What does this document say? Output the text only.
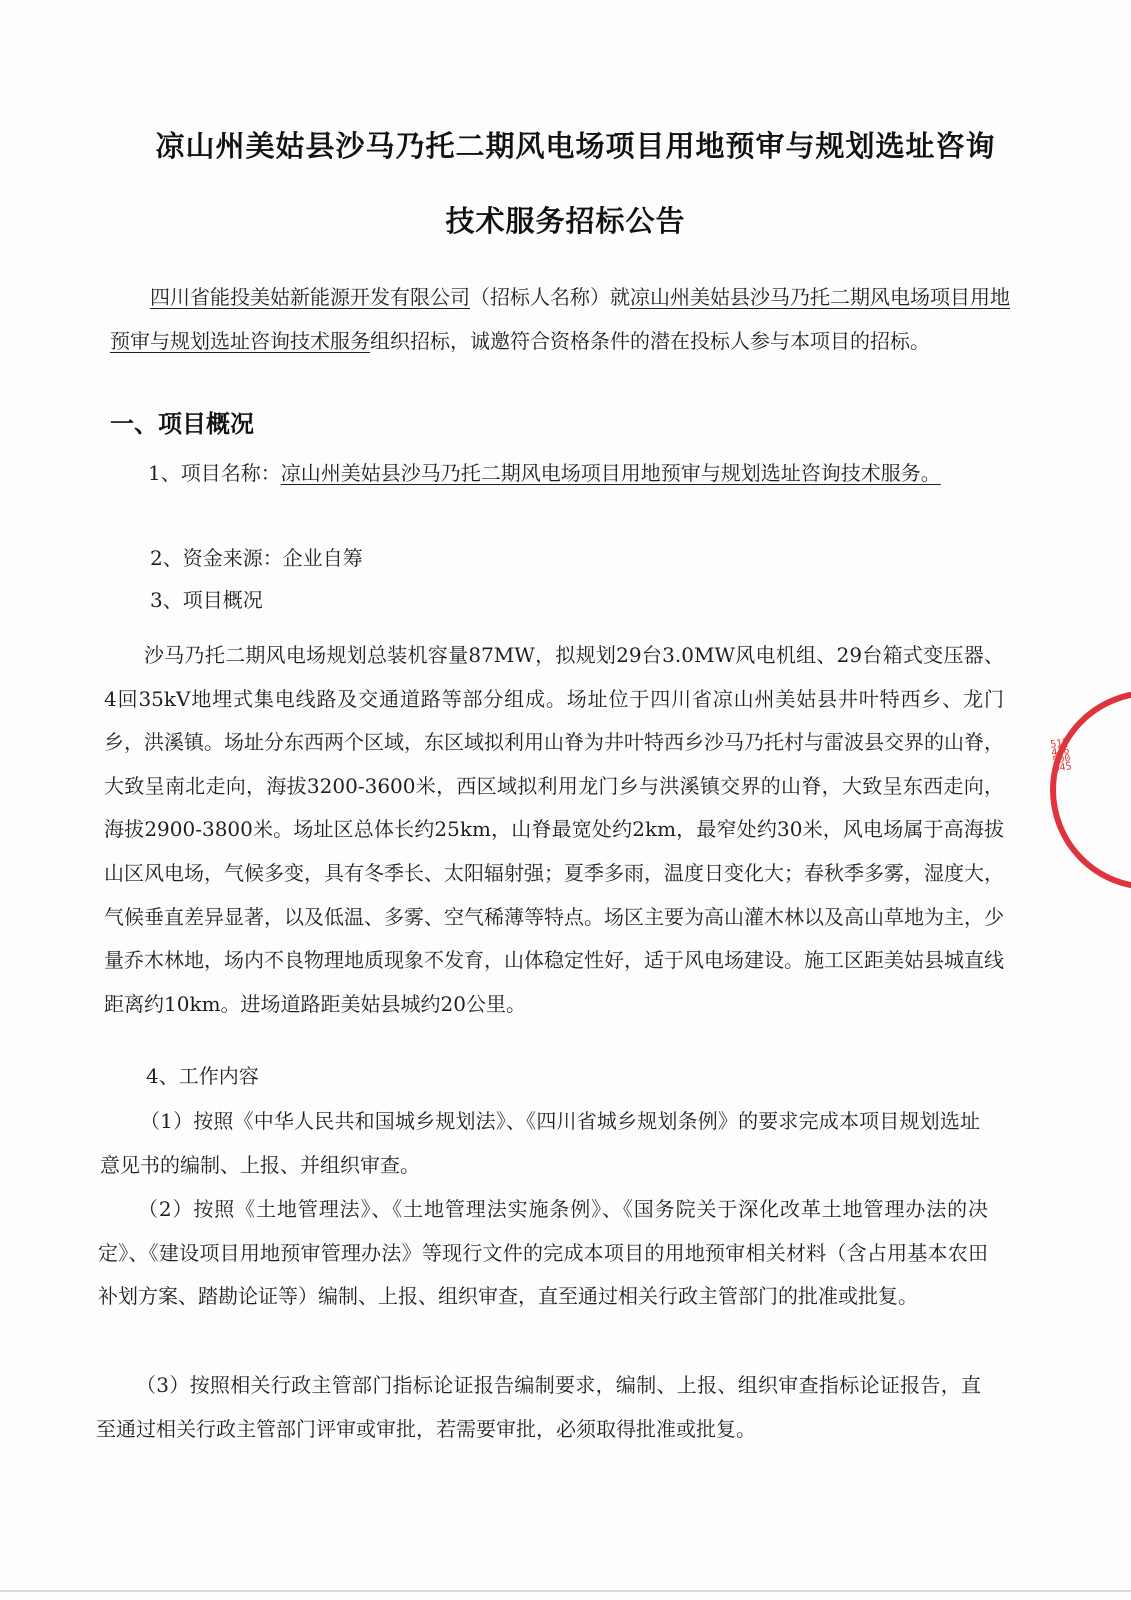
凉山州美姑县沙马乃托二期风电场项目用地预审与规划选址咨询
技术服务招标公告
四川省能投美姑新能源开发有限公司（招标人名称）就凉山州美姑县沙马乃托二期风电场项目用地预审与规划选址咨询技术服务组织招标，诚邀符合资格条件的潜在投标人参与本项目的招标。
一、项目概况
1、项目名称：凉山州美姑县沙马乃托二期风电场项目用地预审与规划选址咨询技术服务。
2、资金来源：企业自筹
3、项目概况
沙马乃托二期风电场规划总装机容量87MW，拟规划29台3.0MW风电机组、29台箱式变压器、4回35kV地埋式集电线路及交通道路等部分组成。场址位于四川省凉山州美姑县井叶特西乡、龙门乡，洪溪镇。场址分东西两个区域，东区域拟利用山脊为井叶特西乡沙马乃托村与雷波县交界的山脊，大致呈南北走向，海拔3200-3600米，西区域拟利用龙门乡与洪溪镇交界的山脊，大致呈东西走向，海拔2900-3800米。场址区总体长约25km，山脊最宽处约2km，最窄处约30米，风电场属于高海拔山区风电场，气候多变，具有冬季长、太阳辐射强；夏季多雨，温度日变化大；春秋季多雾，湿度大，气候垂直差异显著，以及低温、多雾、空气稀薄等特点。场区主要为高山灌木林以及高山草地为主，少量乔木林地，场内不良物理地质现象不发育，山体稳定性好，适于风电场建设。施工区距美姑县城直线距离约10km。进场道路距美姑县城约20公里。
4、工作内容
（1）按照《中华人民共和国城乡规划法》、《四川省城乡规划条例》的要求完成本项目规划选址意见书的编制、上报、并组织审查。
（2）按照《土地管理法》、《土地管理法实施条例》、《国务院关于深化改革土地管理办法的决定》、《建设项目用地预审管理办法》等现行文件的完成本项目的用地预审相关材料（含占用基本农田补划方案、踏勘论证等）编制、上报、组织审查，直至通过相关行政主管部门的批准或批复。
（3）按照相关行政主管部门指标论证报告编制要求，编制、上报、组织审查指标论证报告，直至通过相关行政主管部门评审或审批，若需要审批，必须取得批准或批复。
513436500045
